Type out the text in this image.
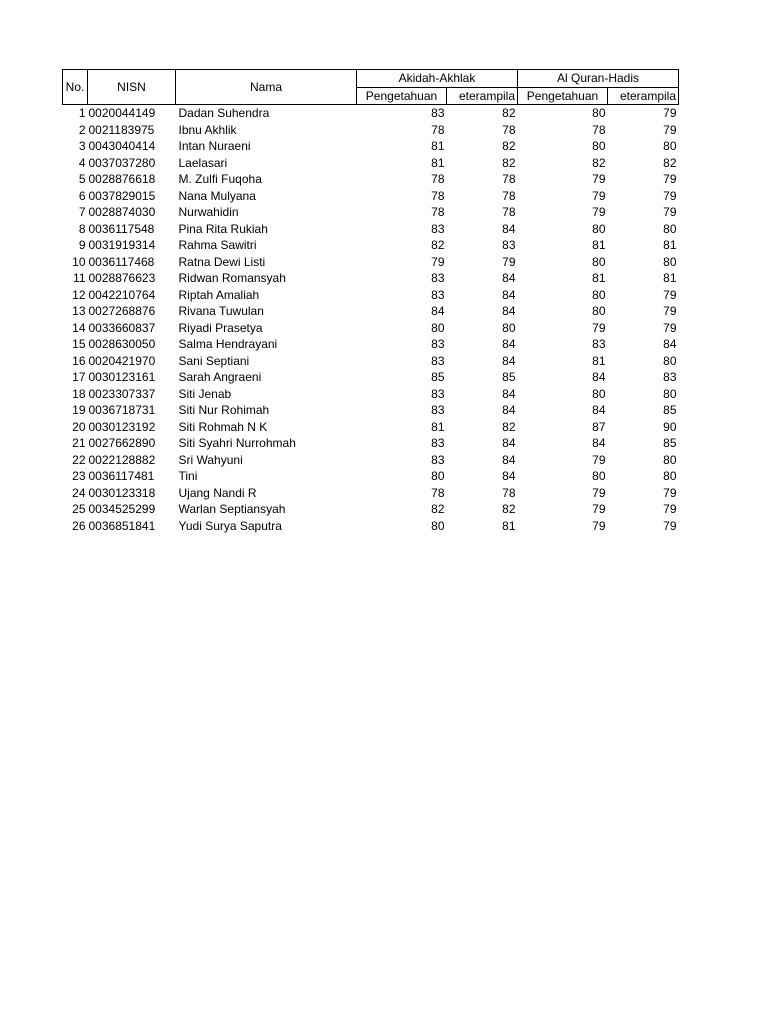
No.	NISN	Nama	Akidah-Akhlak		Al Quran-Hadis	
			Pengetahuan	eterampila	Pengetahuan	eterampila
1	0020044149	Dadan Suhendra	83	82	80	79
2	0021183975	Ibnu Akhlik	78	78	78	79
3	0043040414	Intan Nuraeni	81	82	80	80
4	0037037280	Laelasari	81	82	82	82
5	0028876618	M. Zulfi Fuqoha	78	78	79	79
6	0037829015	Nana Mulyana	78	78	79	79
7	0028874030	Nurwahidin	78	78	79	79
8	0036117548	Pina Rita Rukiah	83	84	80	80
9	0031919314	Rahma Sawitri	82	83	81	81
10	0036117468	Ratna Dewi Listi	79	79	80	80
11	0028876623	Ridwan Romansyah	83	84	81	81
12	0042210764	Riptah Amaliah	83	84	80	79
13	0027268876	Rivana Tuwulan	84	84	80	79
14	0033660837	Riyadi Prasetya	80	80	79	79
15	0028630050	Salma Hendrayani	83	84	83	84
16	0020421970	Sani Septiani	83	84	81	80
17	0030123161	Sarah Angraeni	85	85	84	83
18	0023307337	Siti Jenab	83	84	80	80
19	0036718731	Siti Nur Rohimah	83	84	84	85
20	0030123192	Siti Rohmah N K	81	82	87	90
21	0027662890	Siti Syahri Nurrohmah	83	84	84	85
22	0022128882	Sri Wahyuni	83	84	79	80
23	0036117481	Tini	80	84	80	80
24	0030123318	Ujang Nandi R	78	78	79	79
25	0034525299	Warlan Septiansyah	82	82	79	79
26	0036851841	Yudi Surya Saputra	80	81	79	79
